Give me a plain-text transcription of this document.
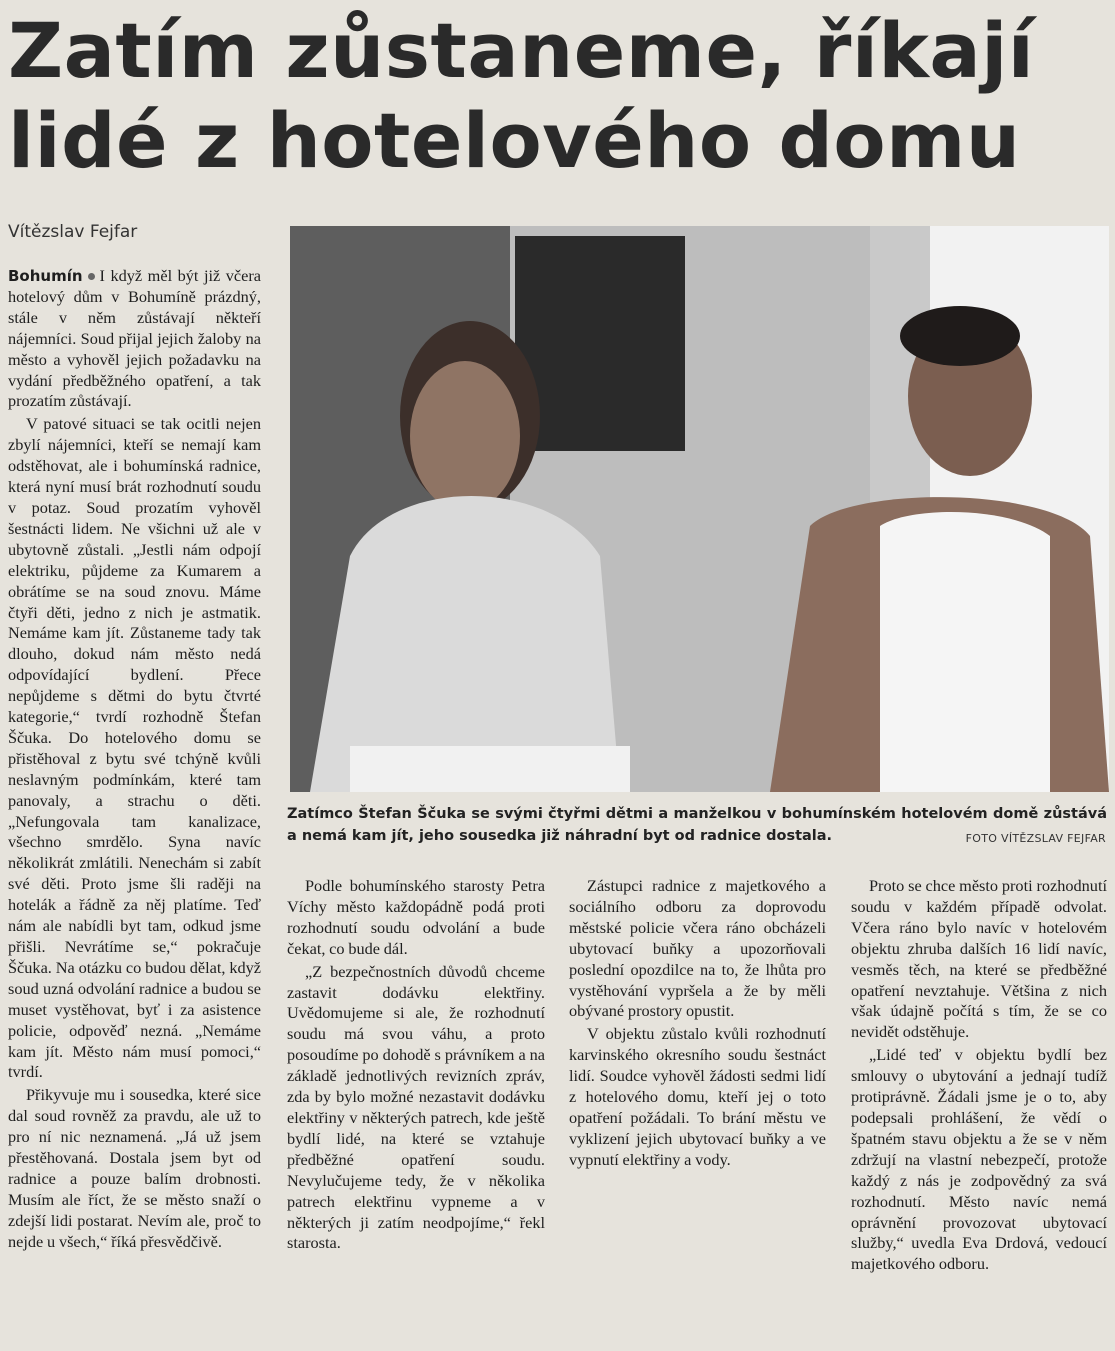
Zatím zůstaneme, říkají
lidé z hotelového domu
Vítězslav Fejfar

Bohumín I když měl být již včera hotelový dům v Bohumíně prázdný, stále v něm zůstávají někteří nájemníci. Soud přijal jejich žaloby na město a vyhověl jejich požadavku na vydání předběžného opatření, a tak prozatím zůstávají.

V patové situaci se tak ocitli nejen zbylí nájemníci, kteří se nemají kam odstěhovat, ale i bohumínská radnice, která nyní musí brát rozhodnutí soudu v potaz. Soud prozatím vyhověl šestnácti lidem. Ne všichni už ale v ubytovně zůstali. „Jestli nám odpojí elektriku, půjdeme za Kumarem a obrátíme se na soud znovu. Máme čtyři děti, jedno z nich je astmatik. Nemáme kam jít. Zůstaneme tady tak dlouho, dokud nám město nedá odpovídající bydlení. Přece nepůjdeme s dětmi do bytu čtvrté kategorie,“ tvrdí rozhodně Štefan Ščuka. Do hotelového domu se přistěhoval z bytu své tchýně kvůli neslavným podmínkám, které tam panovaly, a strachu o děti. „Nefungovala tam kanalizace, všechno smrdělo. Syna navíc několikrát zmlátili. Nenechám si zabít své děti. Proto jsme šli raději na hotelák a řádně za něj platíme. Teď nám ale nabídli byt tam, odkud jsme přišli. Nevrátíme se,“ pokračuje Ščuka. Na otázku co budou dělat, když soud uzná odvolání radnice a budou se muset vystěhovat, byť i za asistence policie, odpověď nezná. „Nemáme kam jít. Město nám musí pomoci,“ tvrdí.

Přikyvuje mu i sousedka, které sice dal soud rovněž za pravdu, ale už to pro ní nic neznamená. „Já už jsem přestěhovaná. Dostala jsem byt od radnice a pouze balím drobnosti. Musím ale říct, že se město snaží o zdejší lidi postarat. Nevím ale, proč to nejde u všech,“ říká přesvědčivě.

Zatímco Štefan Ščuka se svými čtyřmi dětmi a manželkou v bohumínském hotelovém domě zůstává a nemá kam jít, jeho sousedka již náhradní byt od radnice dostala.	FOTO VÍTĚZSLAV FEJFAR

Podle bohumínského starosty Petra Víchy město každopádně podá proti rozhodnutí soudu odvolání a bude čekat, co bude dál.

„Z bezpečnostních důvodů chceme zastavit dodávku elektřiny. Uvědomujeme si ale, že rozhodnutí soudu má svou váhu, a proto posoudíme po dohodě s právníkem a na základě jednotlivých revizních zpráv, zda by bylo možné nezastavit dodávku elektřiny v některých patrech, kde ještě bydlí lidé, na které se vztahuje předběžné opatření soudu. Nevylučujeme tedy, že v několika patrech elektřinu vypneme a v některých ji zatím neodpojíme,“ řekl starosta.

Zástupci radnice z majetkového a sociálního odboru za doprovodu městské policie včera ráno obcházeli ubytovací buňky a upozorňovali poslední opozdilce na to, že lhůta pro vystěhování vypršela a že by měli obývané prostory opustit.

V objektu zůstalo kvůli rozhodnutí karvinského okresního soudu šestnáct lidí. Soudce vyhověl žádosti sedmi lidí z hotelového domu, kteří jej o toto opatření požádali. To brání městu ve vyklizení jejich ubytovací buňky a ve vypnutí elektřiny a vody.

Proto se chce město proti rozhodnutí soudu v každém případě odvolat. Včera ráno bylo navíc v hotelovém objektu zhruba dalších 16 lidí navíc, vesměs těch, na které se předběžné opatření nevztahuje. Většina z nich však údajně počítá s tím, že se co nevidět odstěhuje.

„Lidé teď v objektu bydlí bez smlouvy o ubytování a jednají tudíž protiprávně. Žádali jsme je o to, aby podepsali prohlášení, že vědí o špatném stavu objektu a že se v něm zdržují na vlastní nebezpečí, protože každý z nás je zodpovědný za svá rozhodnutí. Město navíc nemá oprávnění provozovat ubytovací služby,“ uvedla Eva Drdová, vedoucí majetkového odboru.
